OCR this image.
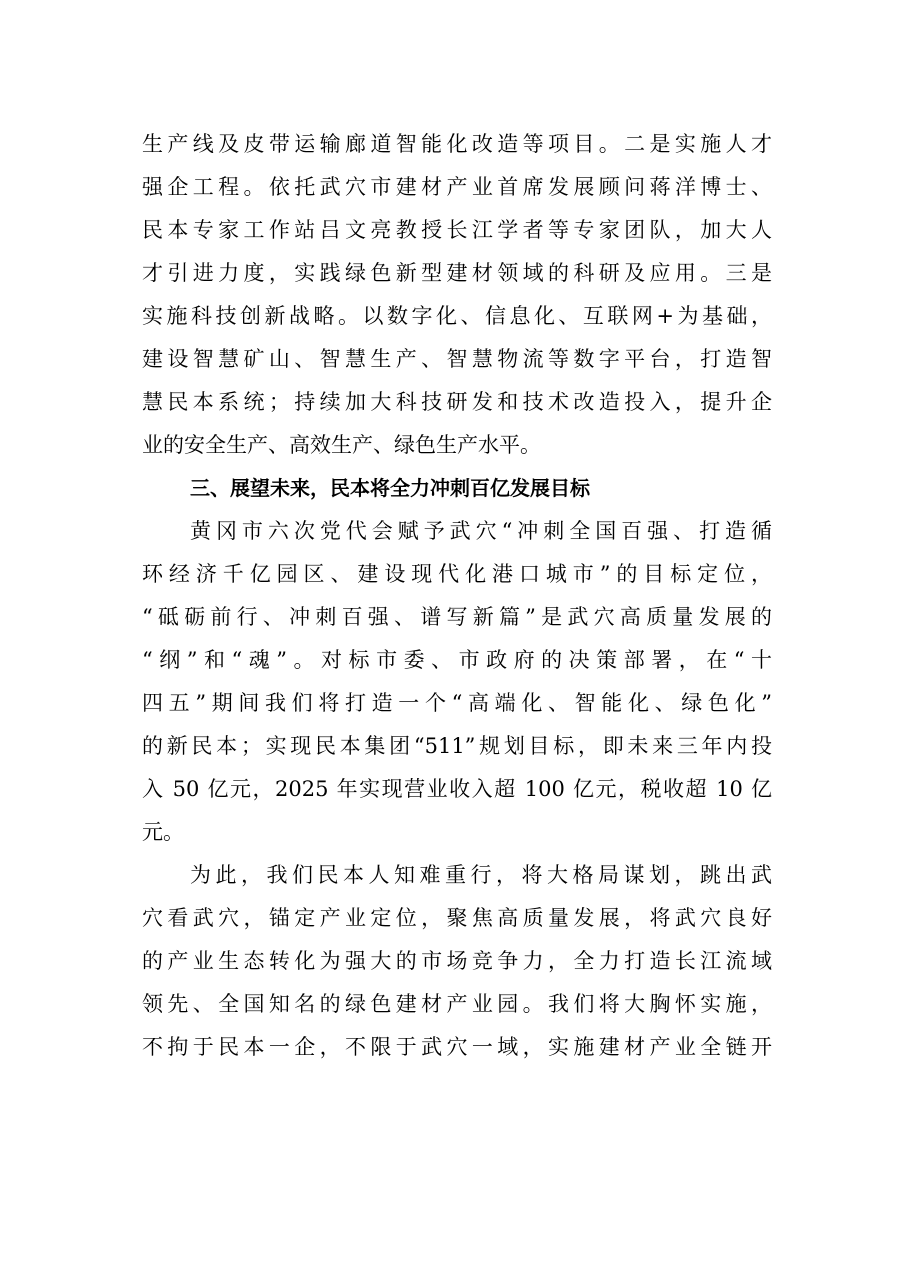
生产线及皮带运输廊道智能化改造等项目。二是实施人才
强企工程。依托武穴市建材产业首席发展顾问蒋洋博士、
民本专家工作站吕文亮教授长江学者等专家团队，加大人
才引进力度，实践绿色新型建材领域的科研及应用。三是
实施科技创新战略。以数字化、信息化、互联网+为基础，
建设智慧矿山、智慧生产、智慧物流等数字平台，打造智
慧民本系统；持续加大科技研发和技术改造投入，提升企
业的安全生产、高效生产、绿色生产水平。
三、展望未来，民本将全力冲刺百亿发展目标
黄冈市六次党代会赋予武穴“冲刺全国百强、打造循
环经济千亿园区、建设现代化港口城市”的目标定位，
“砥砺前行、冲刺百强、谱写新篇”是武穴高质量发展的
“纲”和“魂”。对标市委、市政府的决策部署，在“十
四五”期间我们将打造一个“高端化、智能化、绿色化”
的新民本；实现民本集团“511”规划目标，即未来三年内投
入 50 亿元，2025 年实现营业收入超 100 亿元，税收超 10 亿
元。
为此，我们民本人知难重行，将大格局谋划，跳出武
穴看武穴，锚定产业定位，聚焦高质量发展，将武穴良好
的产业生态转化为强大的市场竞争力，全力打造长江流域
领先、全国知名的绿色建材产业园。我们将大胸怀实施，
不拘于民本一企，不限于武穴一域，实施建材产业全链开
